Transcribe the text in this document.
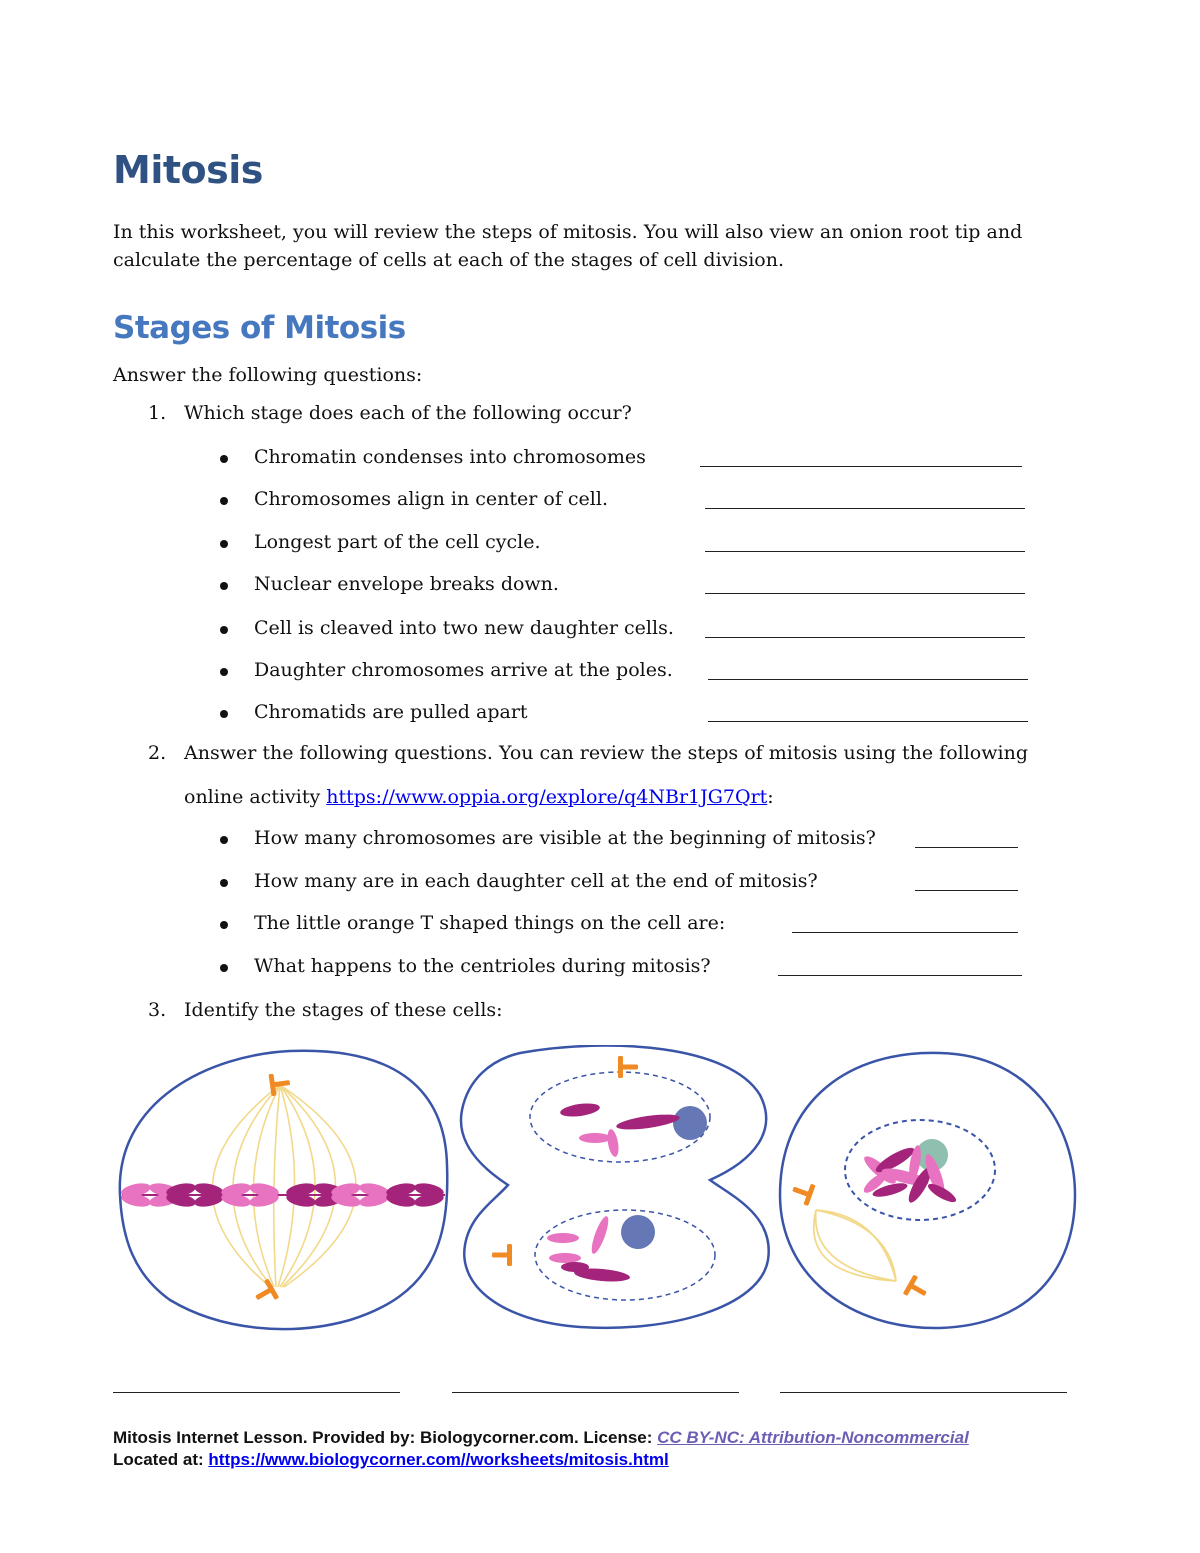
Mitosis

In this worksheet, you will review the steps of mitosis. You will also view an onion root tip and calculate the percentage of cells at each of the stages of cell division.

Stages of Mitosis

Answer the following questions:

1. Which stage does each of the following occur?
Chromatin condenses into chromosomes
Chromosomes align in center of cell.
Longest part of the cell cycle.
Nuclear envelope breaks down.
Cell is cleaved into two new daughter cells.
Daughter chromosomes arrive at the poles.
Chromatids are pulled apart
2. Answer the following questions. You can review the steps of mitosis using the following
online activity https://www.oppia.org/explore/q4NBr1JG7Qrt:
How many chromosomes are visible at the beginning of mitosis?
How many are in each daughter cell at the end of mitosis?
The little orange T shaped things on the cell are:
What happens to the centrioles during mitosis?
3. Identify the stages of these cells:
Mitosis Internet Lesson. Provided by: Biologycorner.com. License: CC BY-NC: Attribution-Noncommercial
Located at: https://www.biologycorner.com//worksheets/mitosis.html
